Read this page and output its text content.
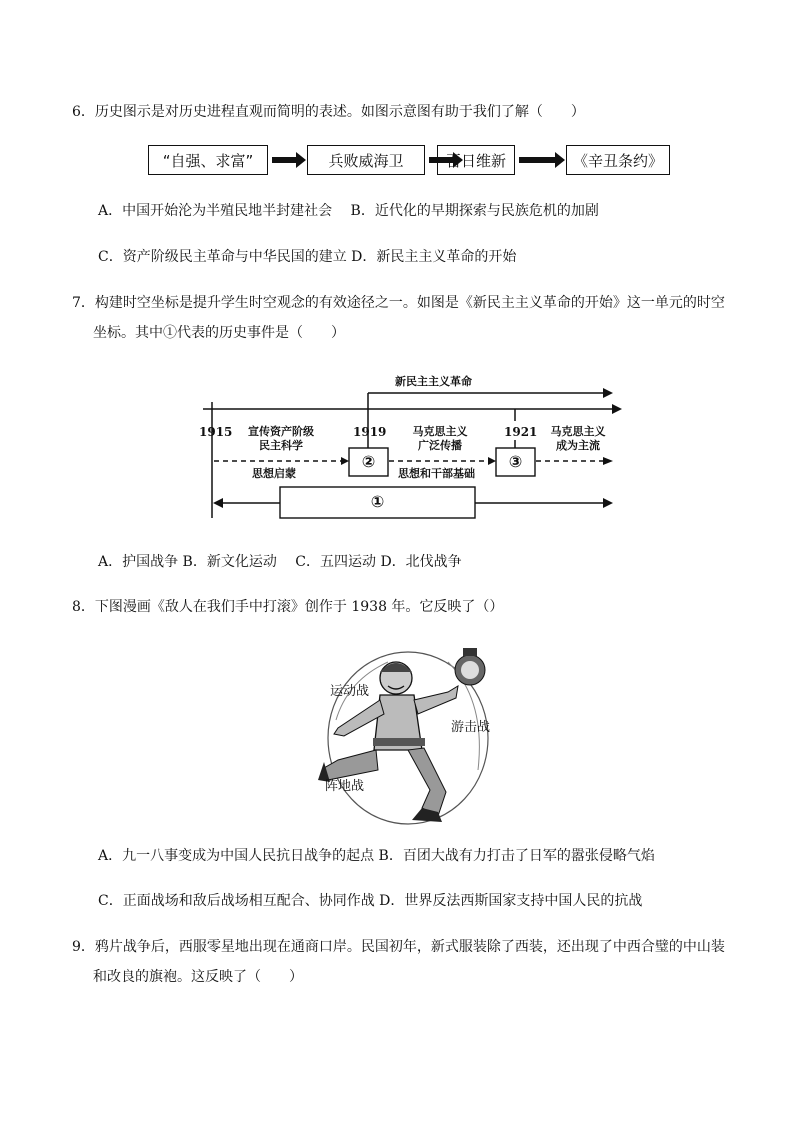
6．历史图示是对历史进程直观而简明的表述。如图示意图有助于我们了解（　　）
“自强、求富”	兵败威海卫	百日维新	《辛丑条约》
A．中国开始沦为半殖民地半封建社会　 B．近代化的早期探索与民族危机的加剧
C．资产阶级民主革命与中华民国的建立 D．新民主主义革命的开始
7．构建时空坐标是提升学生时空观念的有效途径之一。如图是《新民主主义革命的开始》这一单元的时空
坐标。其中①代表的历史事件是（　　）
新民主主义革命
1915	1919	1921
宣传资产阶级
民主科学
马克思主义
广泛传播
马克思主义
成为主流
思想启蒙	思想和干部基础
②	③
①
A．护国战争 B．新文化运动　 C．五四运动 D．北伐战争
8．下图漫画《敌人在我们手中打滚》创作于 1938 年。它反映了（）
运动战
游击战
阵地战
A．九一八事变成为中国人民抗日战争的起点 B．百团大战有力打击了日军的嚣张侵略气焰
C．正面战场和敌后战场相互配合、协同作战 D．世界反法西斯国家支持中国人民的抗战
9．鸦片战争后，西服零星地出现在通商口岸。民国初年，新式服装除了西装，还出现了中西合璧的中山装
和改良的旗袍。这反映了（　　）
